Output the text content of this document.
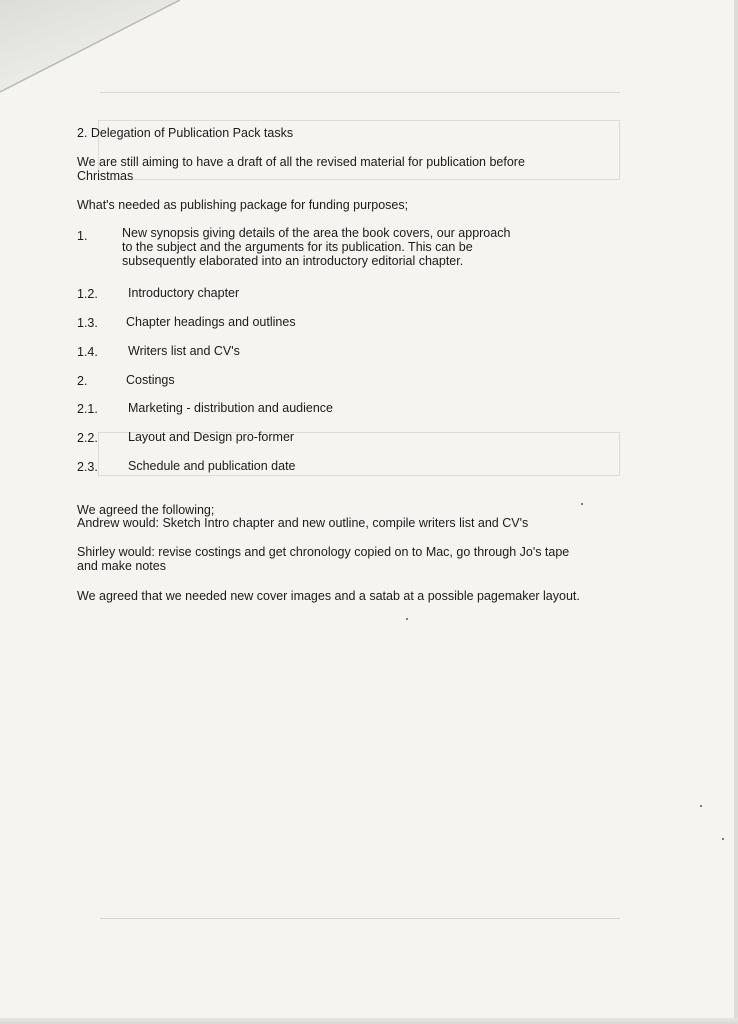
2. Delegation of Publication Pack tasks
We are still aiming to have a draft of all the revised material for publication before
Christmas
What's needed as publishing package for funding purposes;
1.	New synopsis giving details of the area the book covers, our approach
to the subject and the arguments for its publication. This can be
subsequently elaborated into an introductory editorial chapter.
1.2. Introductory chapter
1.3. Chapter headings and outlines
1.4. Writers list and CV's
2.	Costings
2.1. Marketing - distribution and audience
2.2. Layout and Design pro-former
2.3. Schedule and publication date
We agreed the following;
Andrew would: Sketch Intro chapter and new outline, compile writers list and CV's
Shirley would: revise costings and get chronology copied on to Mac, go through Jo's tape
and make notes
We agreed that we needed new cover images and a satab at a possible pagemaker layout.
